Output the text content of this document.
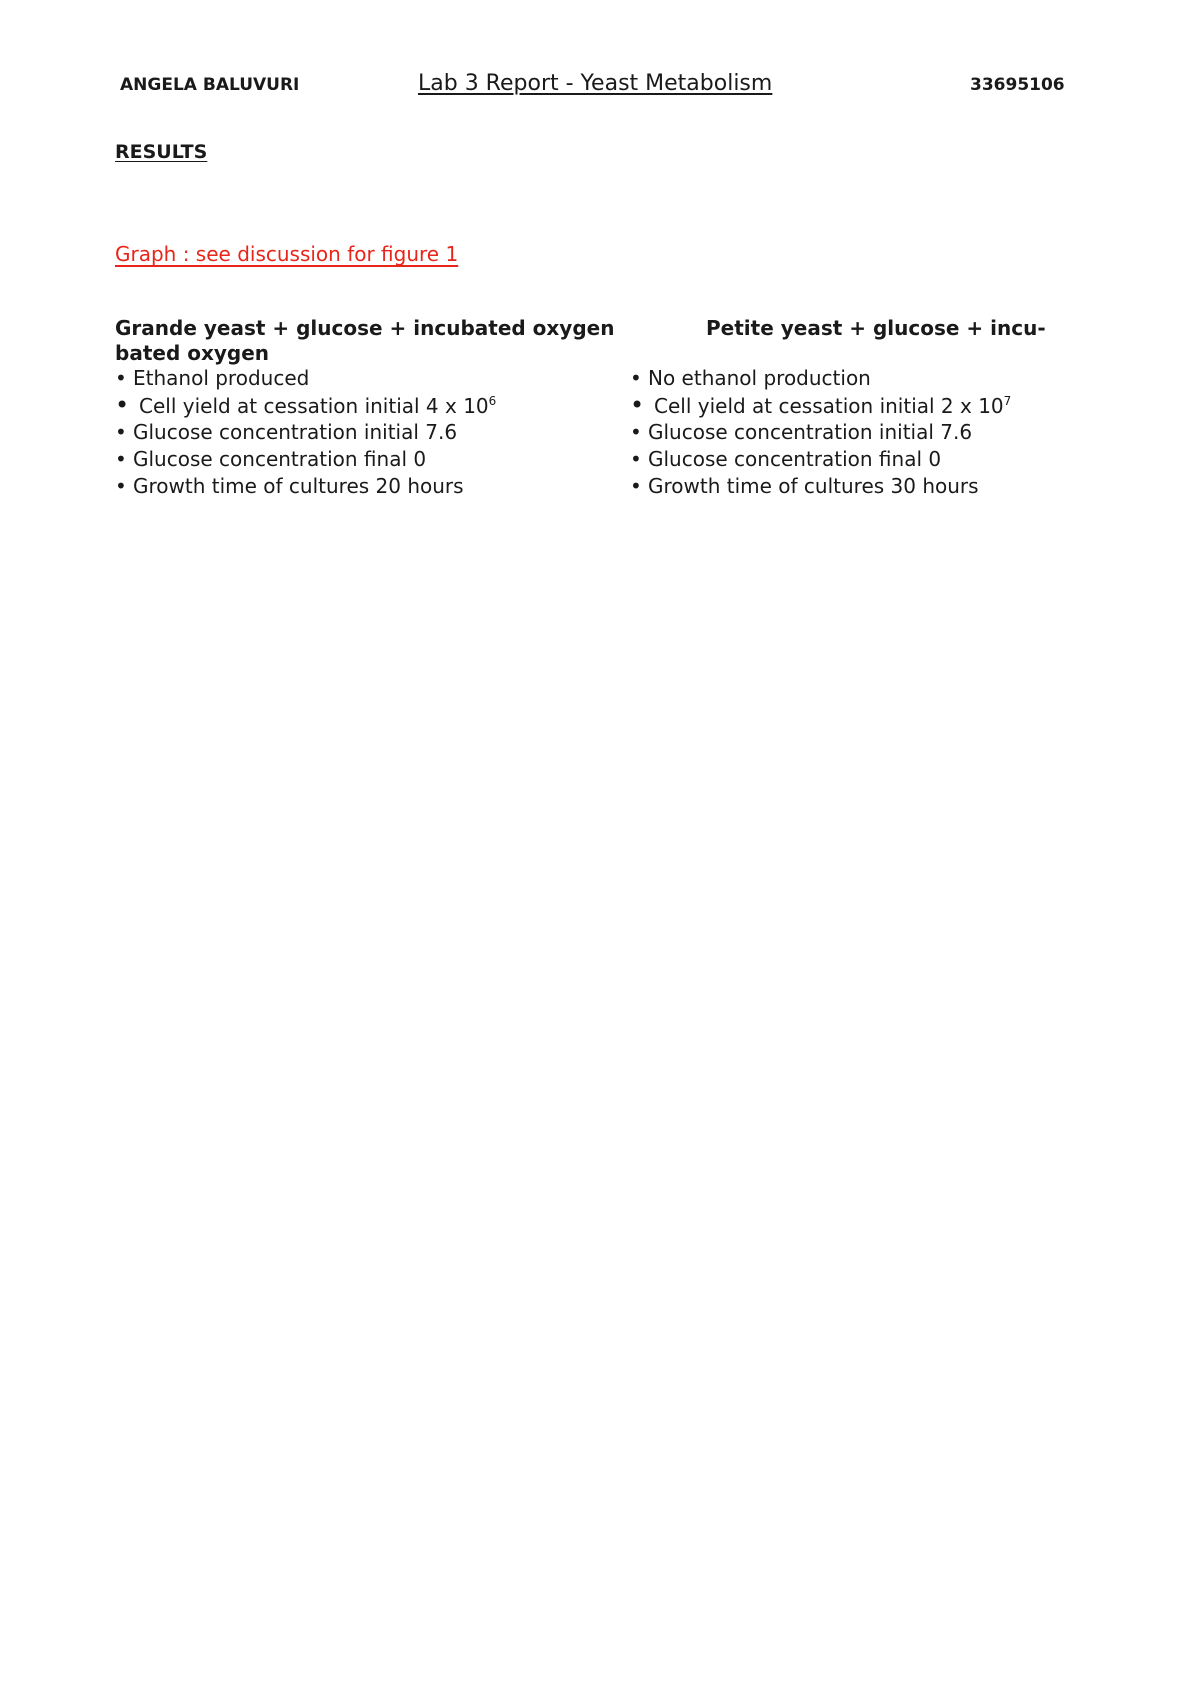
ANGELA BALUVURI	Lab 3 Report - Yeast Metabolism	33695106
RESULTS
Graph : see discussion for figure 1
Grande yeast + glucose + incubated oxygen
bated oxygen
Petite yeast + glucose + incu-
• Ethanol produced
• Cell yield at cessation initial 4 x $10^6$
• Glucose concentration initial 7.6
• Glucose concentration final 0
• Growth time of cultures 20 hours
• No ethanol production
• Cell yield at cessation initial 2 x $10^7$
• Glucose concentration initial 7.6
• Glucose concentration final 0
• Growth time of cultures 30 hours
